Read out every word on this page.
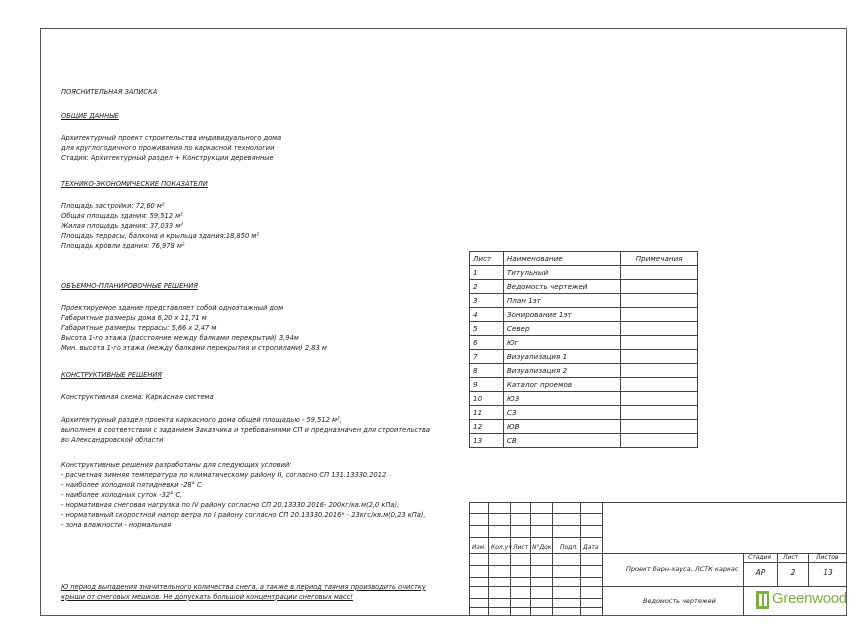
ПОЯСНИТЕЛЬНАЯ ЗАПИСКА
ОБЩИЕ ДАННЫЕ
Архитектурный проект строительства индивидуального дома
для круглогодичного проживания по каркасной технологии
Стадия: Архитектурный раздел + Конструкции деревянные
ТЕХНИКО-ЭКОНОМИЧЕСКИЕ ПОКАЗАТЕЛИ
Площадь застройки: 72,60 м²
Общая площадь здания: 59,512 м²
Жилая площадь здания: 37,033 м²
Площадь террасы, балкона и крыльца здания:18,850 м²
Площадь кровли здания: 76,978 м²
ОБЪЕМНО-ПЛАНИРОВОЧНЫЕ РЕШЕНИЯ
Проектируемое здание представляет собой одноэтажный дом
Габаритные размеры дома 6,20 х 11,71 м
Габаритные размеры террасы: 5,66 х 2,47 м
Высота 1-го этажа (расстояние между балками перекрытий) 3,94м
Мин. высота 1-го этажа (между балками перекрытия и стропилами) 2,83 м
КОНСТРУКТИВНЫЕ РЕШЕНИЯ
Конструктивная схема: Каркасная система
Архитектурный раздел проекта каркасного дома общей площадью - 59,512 м²,
выполнен в соответствии с заданием Заказчика и требованиями СП и предназначен для строительства
во Александровской области
Конструктивные решения разработаны для следующих условий:
- расчетная зимняя температура по климатическому району II, согласно СП 131.13330.2012
- наиболее холодной пятидневки -28° С
- наиболее холодных суток -32° С,
- нормативная снеговая нагрузка по IV району согласно СП 20.13330.2016- 200кг/кв.м(2,0 кПа),
- нормативный скоростной напор ветра по I району согласно СП 20.13330.2016* - 23кгс/кв.м(0,23 кПа),
- зона влажности - нормальная
Ю период выпадения значительного количества снега, а также в период таяния производить очистку
крыши от снеговых мешков. Не допускать большой концентрации снеговых масс!
Лист	Наименование	Примечания
1	Титульный	
2	Ведомость чертежей	
3	План 1эт	
4	Зонирование 1эт	
5	Север	
6	Юг	
7	Визуализация 1	
8	Визуализация 2	
9	Каталог проемов	
10	ЮЗ	
11	СЗ	
12	ЮВ	
13	СВ	
Изм. Кол.уч Лист N°Док Подп. Дата
Проект барн-хауса. ЛСТК каркас
Ведомость чертежей
Стадия Лист	Листов
АР	2	13
Greenwood
